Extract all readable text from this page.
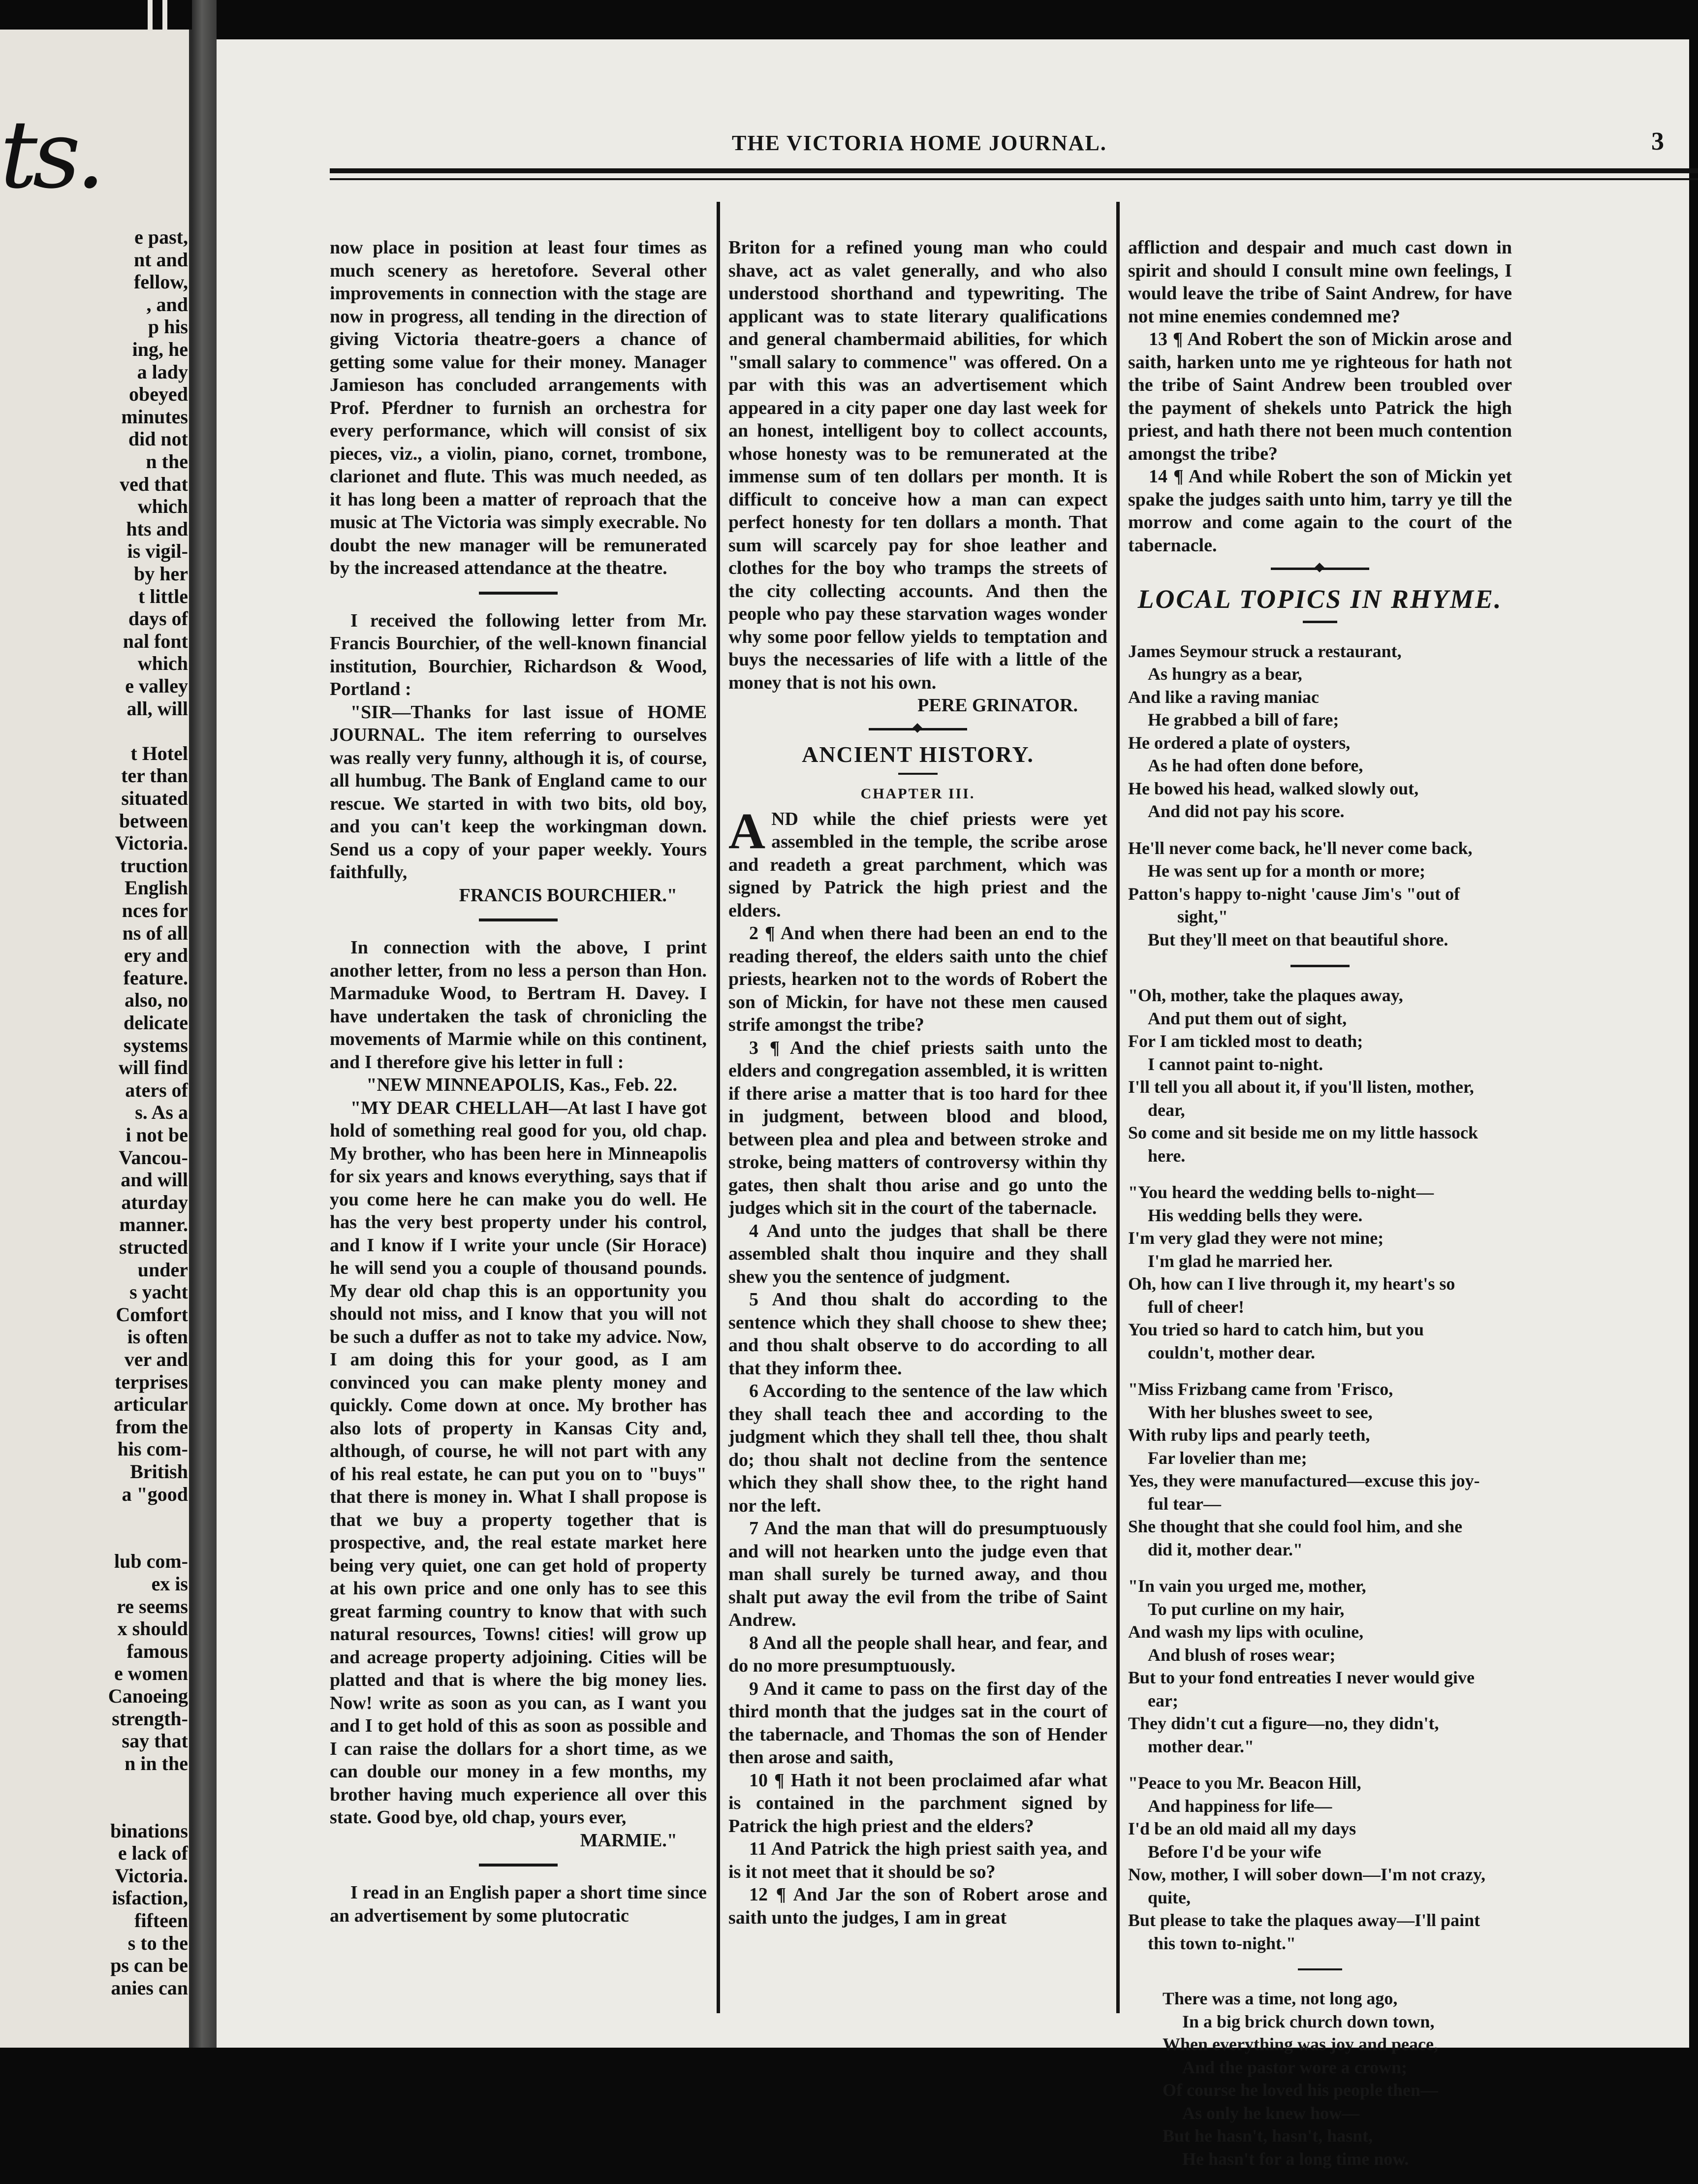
ts.
e past,
nt and
fellow,
, and
p his
ing, he
a lady
obeyed
minutes
did not
n the
ved that
which
hts and
is vigil-
by her
t little
days of
nal font
which
e valley
all, will
t Hotel
ter than
situated
between
Victoria.
truction
English
nces for
ns of all
ery and
feature.
also, no
delicate
systems
will find
aters of
s. As a
i not be
Vancou-
and will
aturday
manner.
structed
under
s yacht
Comfort
is often
ver and
terprises
articular
from the
his com-
British
a "good
lub com-
ex is
re seems
x should
famous
e women
Canoeing
strength-
say that
n in the
binations
e lack of
Victoria.
isfaction,
fifteen
s to the
ps can be
anies can
THE VICTORIA HOME JOURNAL.	3

now place in position at least four times as much scenery as heretofore. Several other improvements in connection with the stage are now in progress, all tending in the direction of giving Victoria theatre-goers a chance of getting some value for their money. Manager Jamieson has concluded arrangements with Prof. Pferdner to furnish an orchestra for every performance, which will consist of six pieces, viz., a violin, piano, cornet, trombone, clarionet and flute. This was much needed, as it has long been a matter of reproach that the music at The Victoria was simply execrable. No doubt the new manager will be remunerated by the increased attendance at the theatre.

I received the following letter from Mr. Francis Bourchier, of the well-known financial institution, Bourchier, Richardson & Wood, Portland :

"SIR—Thanks for last issue of HOME JOURNAL. The item referring to ourselves was really very funny, although it is, of course, all humbug. The Bank of England came to our rescue. We started in with two bits, old boy, and you can't keep the workingman down. Send us a copy of your paper weekly. Yours faithfully,

FRANCIS BOURCHIER."

In connection with the above, I print another letter, from no less a person than Hon. Marmaduke Wood, to Bertram H. Davey. I have undertaken the task of chronicling the movements of Marmie while on this continent, and I therefore give his letter in full :

"NEW MINNEAPOLIS, Kas., Feb. 22.

"MY DEAR CHELLAH—At last I have got hold of something real good for you, old chap. My brother, who has been here in Minneapolis for six years and knows everything, says that if you come here he can make you do well. He has the very best property under his control, and I know if I write your uncle (Sir Horace) he will send you a couple of thousand pounds. My dear old chap this is an opportunity you should not miss, and I know that you will not be such a duffer as not to take my advice. Now, I am doing this for your good, as I am convinced you can make plenty money and quickly. Come down at once. My brother has also lots of property in Kansas City and, although, of course, he will not part with any of his real estate, he can put you on to "buys" that there is money in. What I shall propose is that we buy a property together that is prospective, and, the real estate market here being very quiet, one can get hold of property at his own price and one only has to see this great farming country to know that with such natural resources, Towns! cities! will grow up and acreage property adjoining. Cities will be platted and that is where the big money lies. Now! write as soon as you can, as I want you and I to get hold of this as soon as possible and I can raise the dollars for a short time, as we can double our money in a few months, my brother having much experience all over this state. Good bye, old chap, yours ever,

MARMIE."

I read in an English paper a short time since an advertisement by some plutocratic

Briton for a refined young man who could shave, act as valet generally, and who also understood shorthand and typewriting. The applicant was to state literary qualifications and general chambermaid abilities, for which "small salary to commence" was offered. On a par with this was an advertisement which appeared in a city paper one day last week for an honest, intelligent boy to collect accounts, whose honesty was to be remunerated at the immense sum of ten dollars per month. It is difficult to conceive how a man can expect perfect honesty for ten dollars a month. That sum will scarcely pay for shoe leather and clothes for the boy who tramps the streets of the city collecting accounts. And then the people who pay these starvation wages wonder why some poor fellow yields to temptation and buys the necessaries of life with a little of the money that is not his own.

PERE GRINATOR.

ANCIENT HISTORY.
CHAPTER III.

AND while the chief priests were yet assembled in the temple, the scribe arose and readeth a great parchment, which was signed by Patrick the high priest and the elders.

2 ¶ And when there had been an end to the reading thereof, the elders saith unto the chief priests, hearken not to the words of Robert the son of Mickin, for have not these men caused strife amongst the tribe?

3 ¶ And the chief priests saith unto the elders and congregation assembled, it is written if there arise a matter that is too hard for thee in judgment, between blood and blood, between plea and plea and between stroke and stroke, being matters of controversy within thy gates, then shalt thou arise and go unto the judges which sit in the court of the tabernacle.

4 And unto the judges that shall be there assembled shalt thou inquire and they shall shew you the sentence of judgment.

5 And thou shalt do according to the sentence which they shall choose to shew thee; and thou shalt observe to do according to all that they inform thee.

6 According to the sentence of the law which they shall teach thee and according to the judgment which they shall tell thee, thou shalt do; thou shalt not decline from the sentence which they shall show thee, to the right hand nor the left.

7 And the man that will do presumptuously and will not hearken unto the judge even that man shall surely be turned away, and thou shalt put away the evil from the tribe of Saint Andrew.

8 And all the people shall hear, and fear, and do no more presumptuously.

9 And it came to pass on the first day of the third month that the judges sat in the court of the tabernacle, and Thomas the son of Hender then arose and saith,

10 ¶ Hath it not been proclaimed afar what is contained in the parchment signed by Patrick the high priest and the elders?

11 And Patrick the high priest saith yea, and is it not meet that it should be so?

12 ¶ And Jar the son of Robert arose and saith unto the judges, I am in great

affliction and despair and much cast down in spirit and should I consult mine own feelings, I would leave the tribe of Saint Andrew, for have not mine enemies condemned me?

13 ¶ And Robert the son of Mickin arose and saith, harken unto me ye righteous for hath not the tribe of Saint Andrew been troubled over the payment of shekels unto Patrick the high priest, and hath there not been much contention amongst the tribe?

14 ¶ And while Robert the son of Mickin yet spake the judges saith unto him, tarry ye till the morrow and come again to the court of the tabernacle.

LOCAL TOPICS IN RHYME.

James Seymour struck a restaurant,

As hungry as a bear,

And like a raving maniac

He grabbed a bill of fare;

He ordered a plate of oysters,

As he had often done before,

He bowed his head, walked slowly out,

And did not pay his score.

He'll never come back, he'll never come back,

He was sent up for a month or more;

Patton's happy to-night 'cause Jim's "out of

sight,"

But they'll meet on that beautiful shore.

"Oh, mother, take the plaques away,

And put them out of sight,

For I am tickled most to death;

I cannot paint to-night.

I'll tell you all about it, if you'll listen, mother,

dear,

So come and sit beside me on my little hassock

here.

"You heard the wedding bells to-night—

His wedding bells they were.

I'm very glad they were not mine;

I'm glad he married her.

Oh, how can I live through it, my heart's so

full of cheer!

You tried so hard to catch him, but you

couldn't, mother dear.

"Miss Frizbang came from 'Frisco,

With her blushes sweet to see,

With ruby lips and pearly teeth,

Far lovelier than me;

Yes, they were manufactured—excuse this joy-

ful tear—

She thought that she could fool him, and she

did it, mother dear."

"In vain you urged me, mother,

To put curline on my hair,

And wash my lips with oculine,

And blush of roses wear;

But to your fond entreaties I never would give

ear;

They didn't cut a figure—no, they didn't,

mother dear."

"Peace to you Mr. Beacon Hill,

And happiness for life—

I'd be an old maid all my days

Before I'd be your wife

Now, mother, I will sober down—I'm not crazy,

quite,

But please to take the plaques away—I'll paint

this town to-night."

There was a time, not long ago,

In a big brick church down town,

When everything was joy and peace,

And the pastor wore a crown;

Of course he loved his people then—

As only he knew how—

But he hasn't, hasn't, hasnt,

He hasn't for a long time now.
